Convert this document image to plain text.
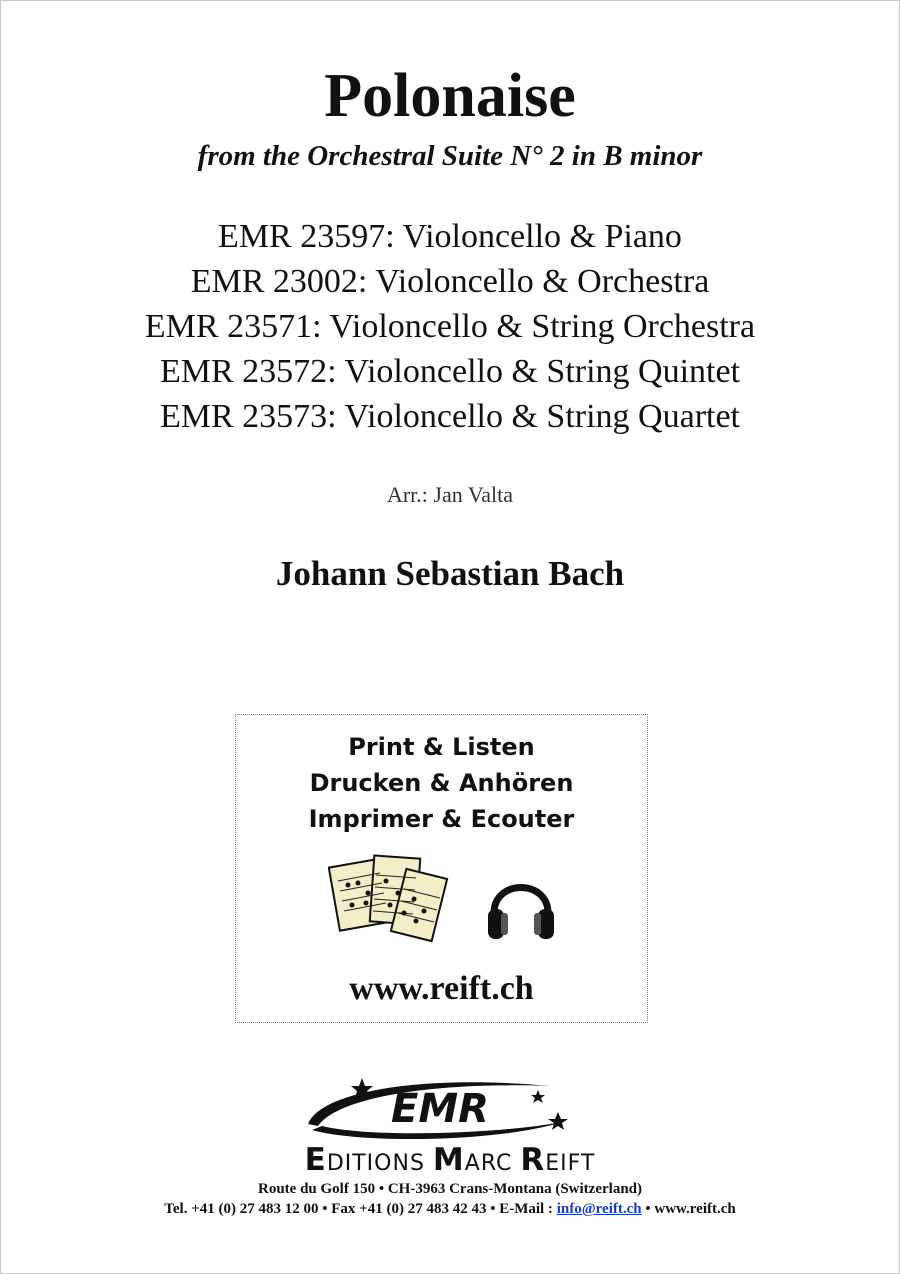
Polonaise
from the Orchestral Suite N° 2 in B minor
EMR 23597: Violoncello & Piano
EMR 23002: Violoncello & Orchestra
EMR 23571: Violoncello & String Orchestra
EMR 23572: Violoncello & String Quintet
EMR 23573: Violoncello & String Quartet
Arr.: Jan Valta
Johann Sebastian Bach
Print & Listen
Drucken & Anhören
Imprimer & Ecouter
www.reift.ch
EMR
EDITIONS MARC REIFT
Route du Golf 150 • CH-3963 Crans-Montana (Switzerland)
Tel. +41 (0) 27 483 12 00 • Fax +41 (0) 27 483 42 43 • E-Mail : info@reift.ch • www.reift.ch
